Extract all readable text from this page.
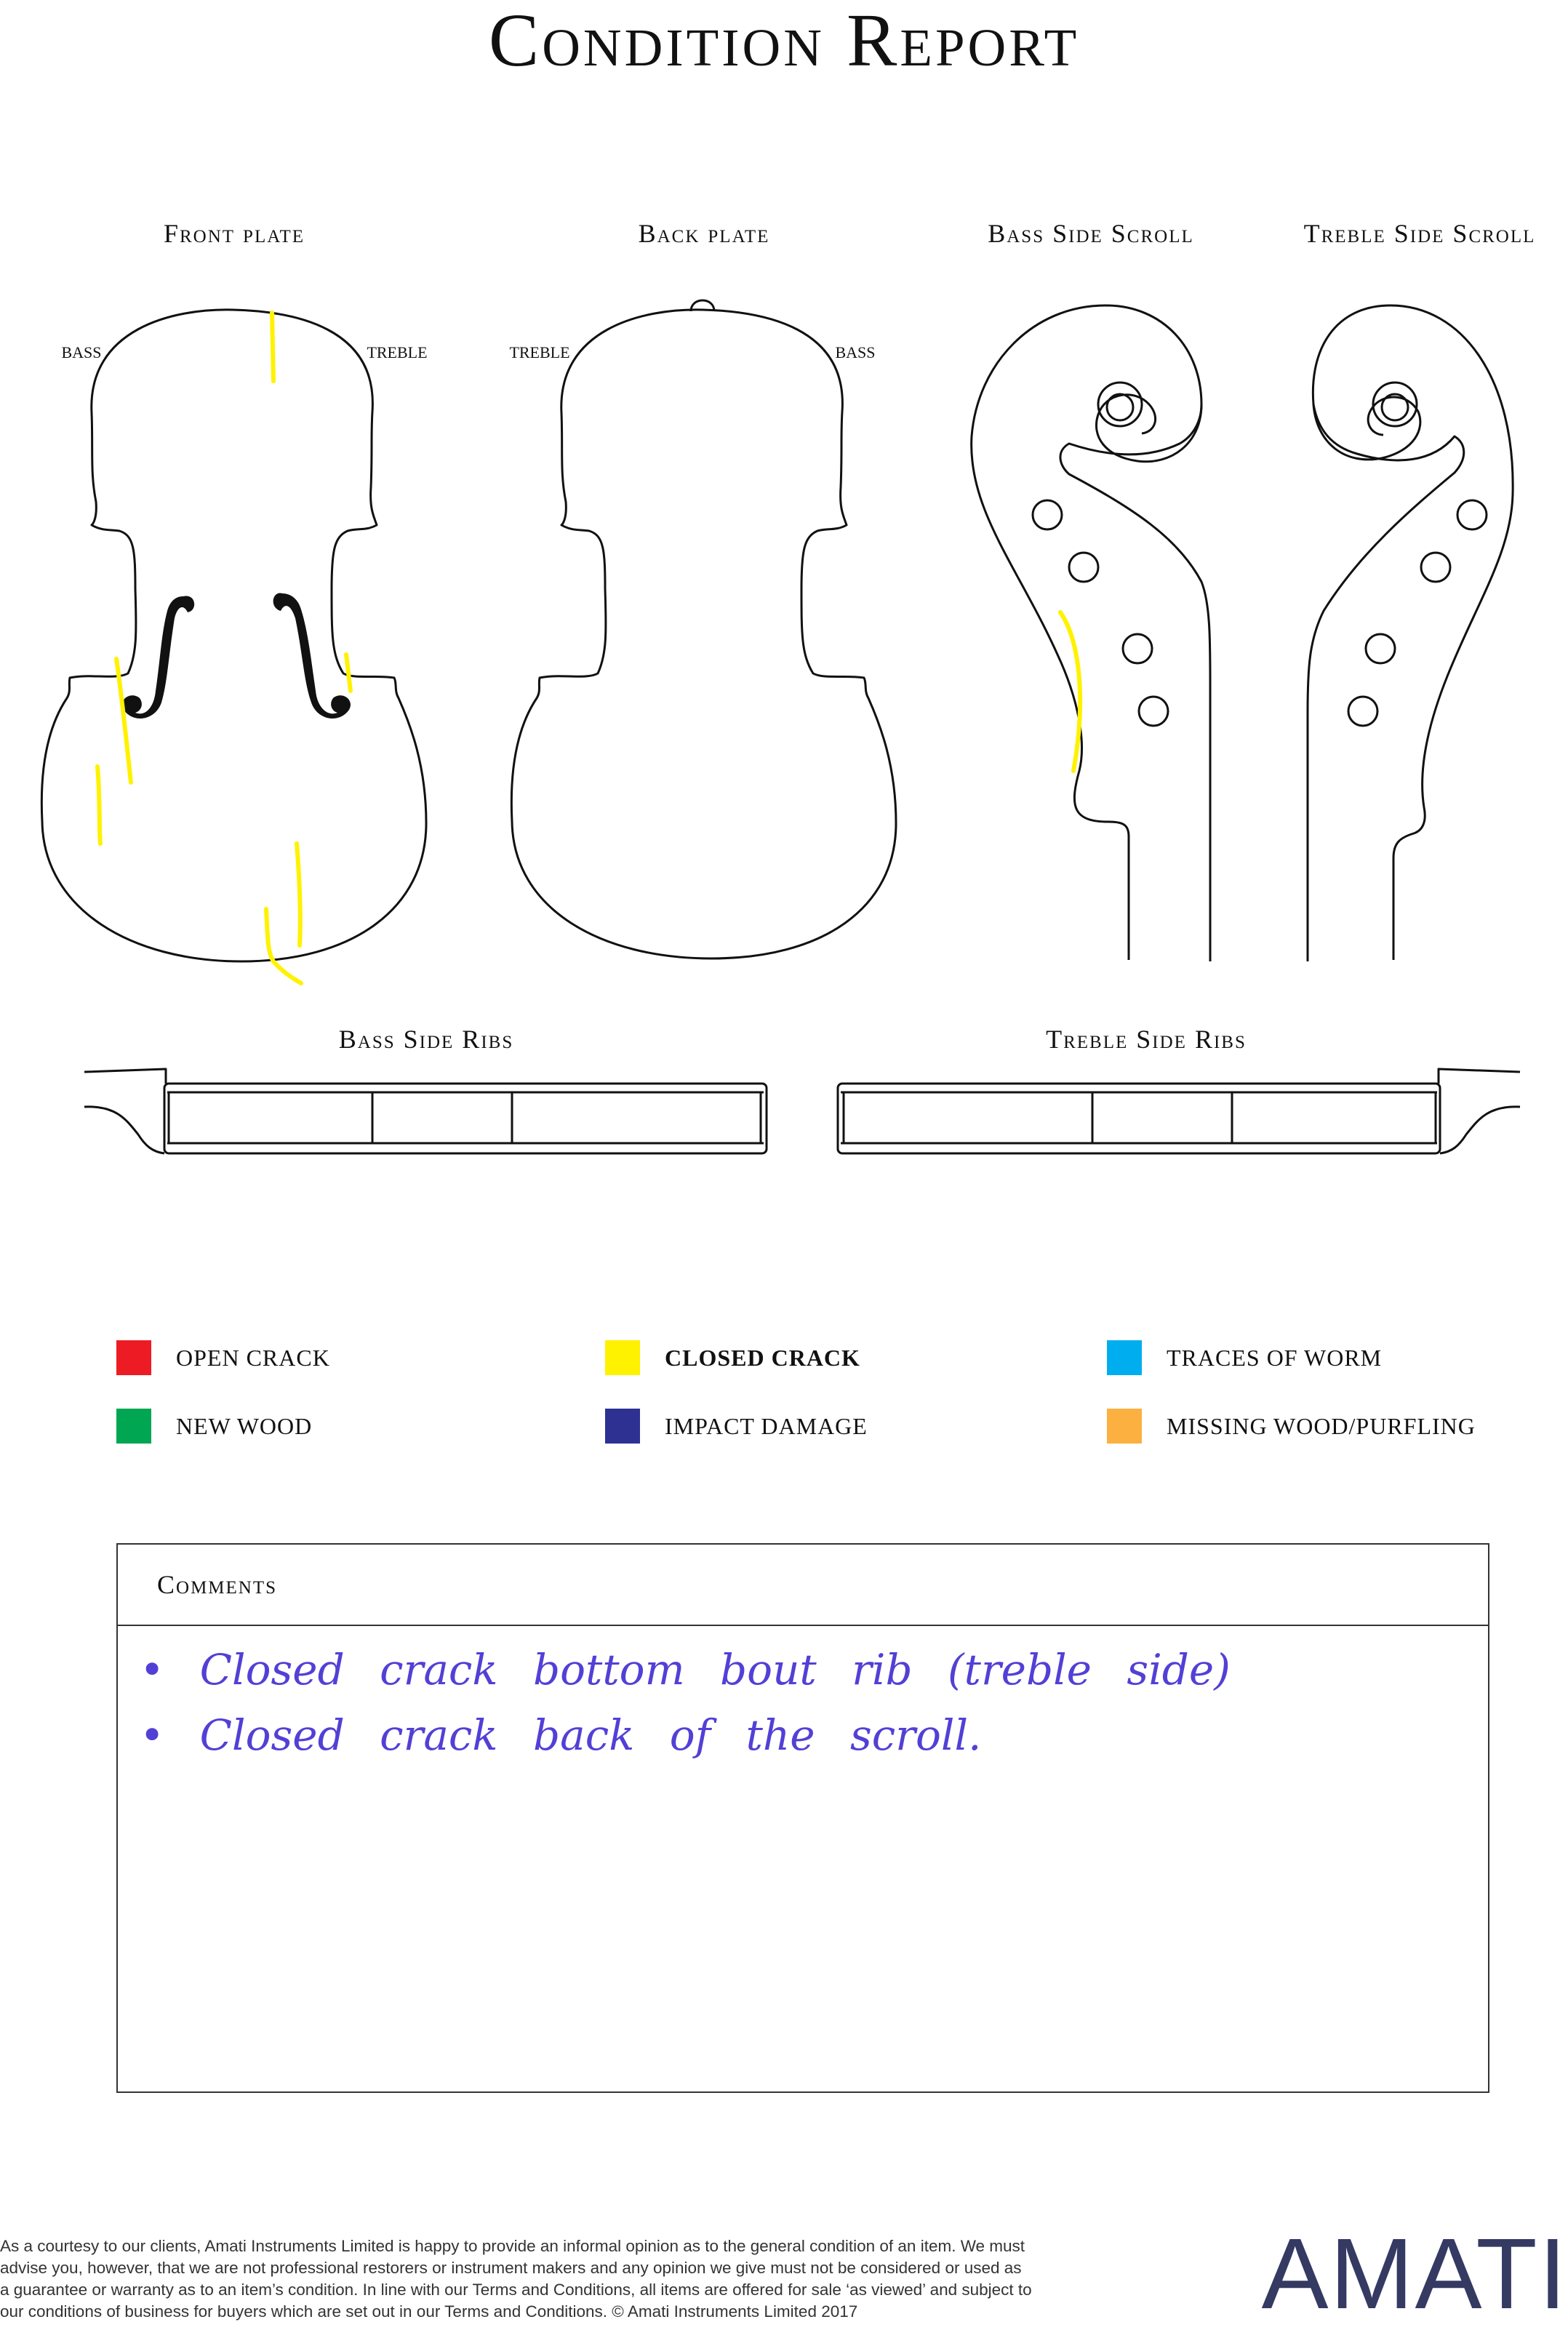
Condition Report
Front plate	Back plate	Bass Side Scroll	Treble Side Scroll
Bass Side Ribs	Treble Side Ribs
BASS	TREBLE	TREBLE	BASS
OPEN CRACK	CLOSED CRACK	TRACES OF WORM
NEW WOOD	IMPACT DAMAGE	MISSING WOOD/PURFLING
Comments
• Closed crack bottom bout rib (treble side)
• Closed crack back of the scroll.
As a courtesy to our clients, Amati Instruments Limited is happy to provide an informal opinion as to the general condition of an item. We must
advise you, however, that we are not professional restorers or instrument makers and any opinion we give must not be considered or used as
a guarantee or warranty as to an item’s condition. In line with our Terms and Conditions, all items are offered for sale ‘as viewed’ and subject to
our conditions of business for buyers which are set out in our Terms and Conditions. © Amati Instruments Limited 2017	AMATI
